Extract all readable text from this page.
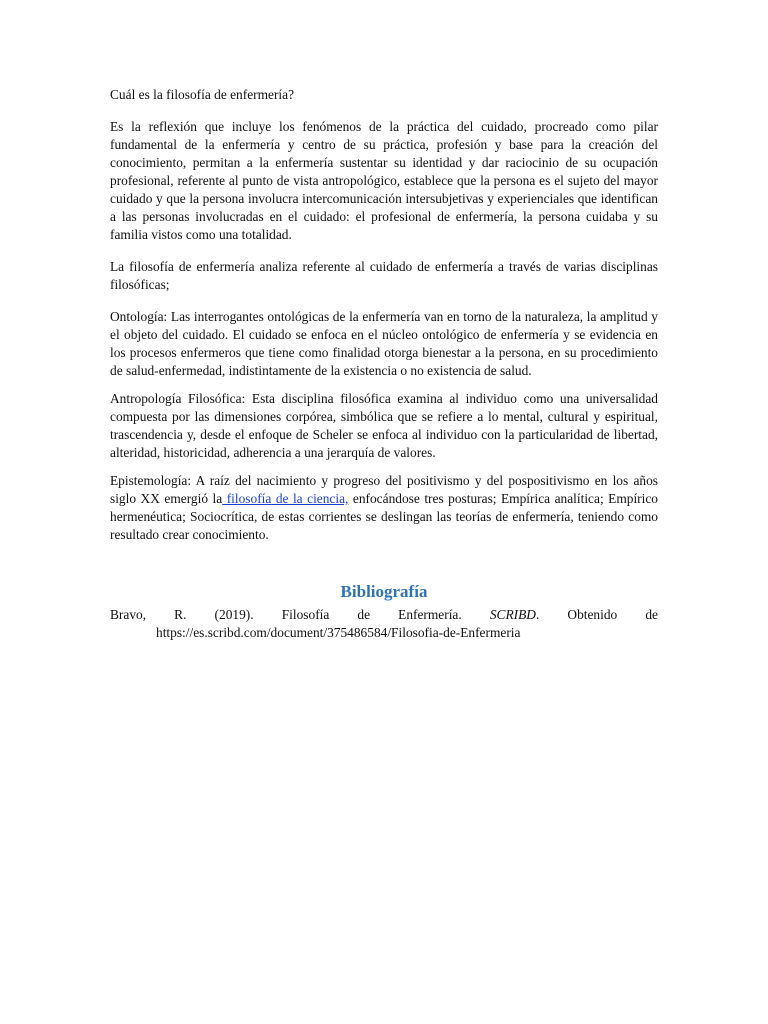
Cuál es la filosofía de enfermería?

Es la reflexión que incluye los fenómenos de la práctica del cuidado, procreado como pilar fundamental de la enfermería y centro de su práctica, profesión y base para la creación del conocimiento, permitan a la enfermería sustentar su identidad y dar raciocinio de su ocupación profesional, referente al punto de vista antropológico, establece que la persona es el sujeto del mayor cuidado y que la persona involucra intercomunicación intersubjetivas y experienciales que identifican a las personas involucradas en el cuidado: el profesional de enfermería, la persona cuidaba y su familia vistos como una totalidad.

La filosofía de enfermería analiza referente al cuidado de enfermería a través de varias disciplinas filosóficas;

Ontología: Las interrogantes ontológicas de la enfermería van en torno de la naturaleza, la amplitud y el objeto del cuidado. El cuidado se enfoca en el núcleo ontológico de enfermería y se evidencia en los procesos enfermeros que tiene como finalidad otorga bienestar a la persona, en su procedimiento de salud-enfermedad, indistintamente de la existencia o no existencia de salud.

Antropología Filosófica: Esta disciplina filosófica examina al individuo como una universalidad compuesta por las dimensiones corpórea, simbólica que se refiere a lo mental, cultural y espiritual, trascendencia y, desde el enfoque de Scheler se enfoca al individuo con la particularidad de libertad, alteridad, historicidad, adherencia a una jerarquía de valores.

Epistemología: A raíz del nacimiento y progreso del positivismo y del pospositivismo en los años siglo XX emergió la filosofía de la ciencia, enfocándose tres posturas; Empírica analítica; Empírico hermenéutica; Sociocrítica, de estas corrientes se deslingan las teorías de enfermería, teniendo como resultado crear conocimiento.

Bibliografía

Bravo, R. (2019). Filosofía de Enfermería. SCRIBD. Obtenido de https://es.scribd.com/document/375486584/Filosofia-de-Enfermeria
